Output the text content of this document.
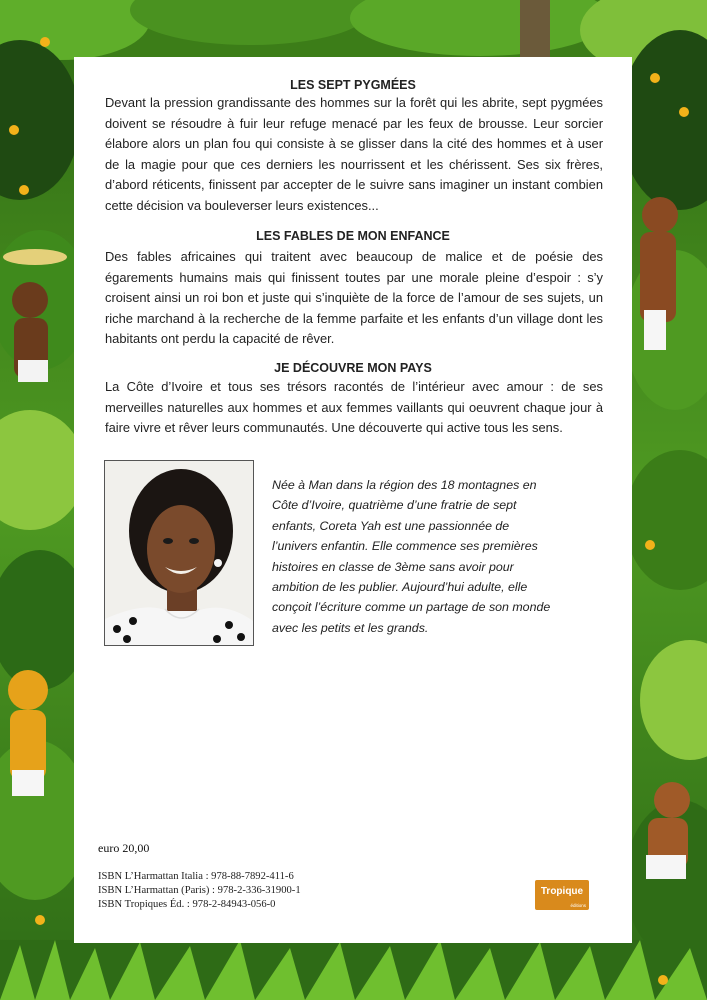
LES SEPT PYGMÉES

Devant la pression grandissante des hommes sur la forêt qui les abrite, sept pygmées doivent se résoudre à fuir leur refuge menacé par les feux de brousse. Leur sorcier élabore alors un plan fou qui consiste à se glisser dans la cité des hommes et à user de la magie pour que ces derniers les nourrissent et les chérissent. Ses six frères, d’abord réticents, finissent par accepter de le suivre sans imaginer un instant combien cette décision va bouleverser leurs existences...

LES FABLES DE MON ENFANCE

Des fables africaines qui traitent avec beaucoup de malice et de poésie des égarements humains mais qui finissent toutes par une morale pleine d’espoir : s’y croisent ainsi un roi bon et juste qui s’inquiète de la force de l’amour de ses sujets, un riche marchand à la recherche de la femme parfaite et les enfants d’un village dont les habitants ont perdu la capacité de rêver.

JE DÉCOUVRE MON PAYS

La Côte d’Ivoire et tous ses trésors racontés de l’intérieur avec amour : de ses merveilles naturelles aux hommes et aux femmes vaillants qui oeuvrent chaque jour à faire vivre et rêver leurs communautés. Une découverte qui active tous les sens.

Née à Man dans la région des 18 montagnes en Côte d’Ivoire, quatrième d’une fratrie de sept enfants, Coreta Yah est une passionnée de l’univers enfantin. Elle commence ses premières histoires en classe de 3ème sans avoir pour ambition de les publier. Aujourd’hui adulte, elle conçoit l’écriture comme un partage de son monde avec les petits et les grands.

euro 20,00
ISBN L’Harmattan Italia : 978-88-7892-411-6
ISBN L’Harmattan (Paris) : 978-2-336-31900-1
ISBN Tropiques Éd. : 978-2-84943-056-0
Tropique
éditions
